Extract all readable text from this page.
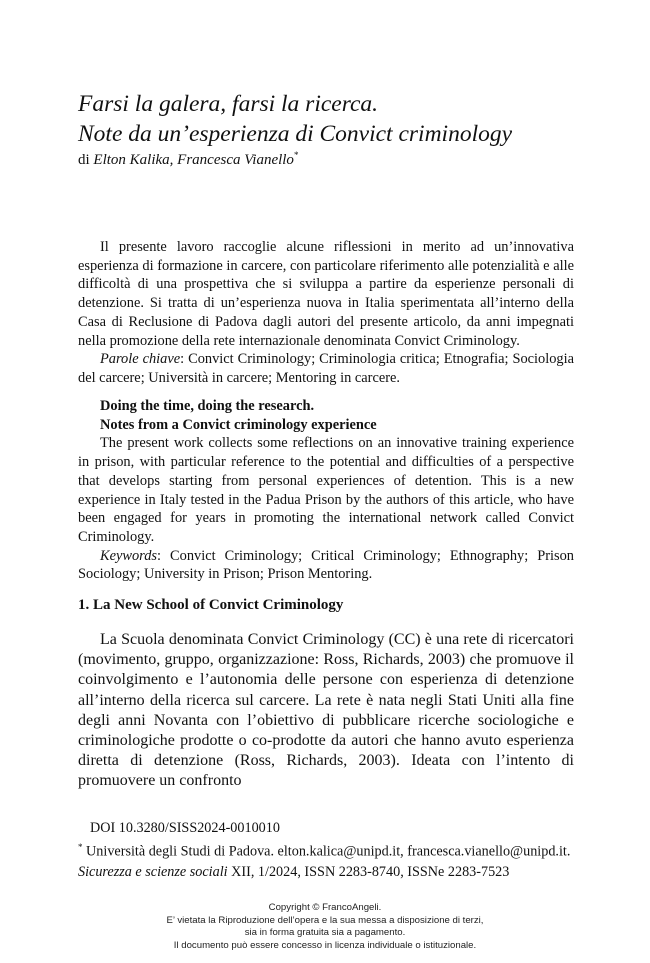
Farsi la galera, farsi la ricerca.
Note da un’esperienza di Convict criminology
di Elton Kalika, Francesca Vianello*

Il presente lavoro raccoglie alcune riflessioni in merito ad un’innovativa esperienza di formazione in carcere, con particolare riferimento alle potenzialità e alle difficoltà di una prospettiva che si sviluppa a partire da esperienze personali di detenzione. Si tratta di un’esperienza nuova in Italia sperimentata all’interno della Casa di Reclusione di Padova dagli autori del presente articolo, da anni impegnati nella promozione della rete internazionale denominata Convict Criminology.

Parole chiave: Convict Criminology; Criminologia critica; Etnografia; Sociologia del carcere; Università in carcere; Mentoring in carcere.

Doing the time, doing the research.

Notes from a Convict criminology experience

The present work collects some reflections on an innovative training experience in prison, with particular reference to the potential and difficulties of a perspective that develops starting from personal experiences of detention. This is a new experience in Italy tested in the Padua Prison by the authors of this article, who have been engaged for years in promoting the international network called Convict Criminology.

Keywords: Convict Criminology; Critical Criminology; Ethnography; Prison Sociology; University in Prison; Prison Mentoring.

1. La New School of Convict Criminology

La Scuola denominata Convict Criminology (CC) è una rete di ricercatori (movimento, gruppo, organizzazione: Ross, Richards, 2003) che promuove il coinvolgimento e l’autonomia delle persone con esperienza di detenzione all’interno della ricerca sul carcere. La rete è nata negli Stati Uniti alla fine degli anni Novanta con l’obiettivo di pubblicare ricerche sociologiche e criminologiche prodotte o co-prodotte da autori che hanno avuto esperienza diretta di detenzione (Ross, Richards, 2003). Ideata con l’intento di promuovere un confronto

DOI 10.3280/SISS2024-0010010

* Università degli Studi di Padova. elton.kalica@unipd.it, francesca.vianello@unipd.it.

Sicurezza e scienze sociali XII, 1/2024, ISSN 2283-8740, ISSNe 2283-7523
Copyright © FrancoAngeli.
E’ vietata la Riproduzione dell’opera e la sua messa a disposizione di terzi,
sia in forma gratuita sia a pagamento.
Il documento può essere concesso in licenza individuale o istituzionale.
